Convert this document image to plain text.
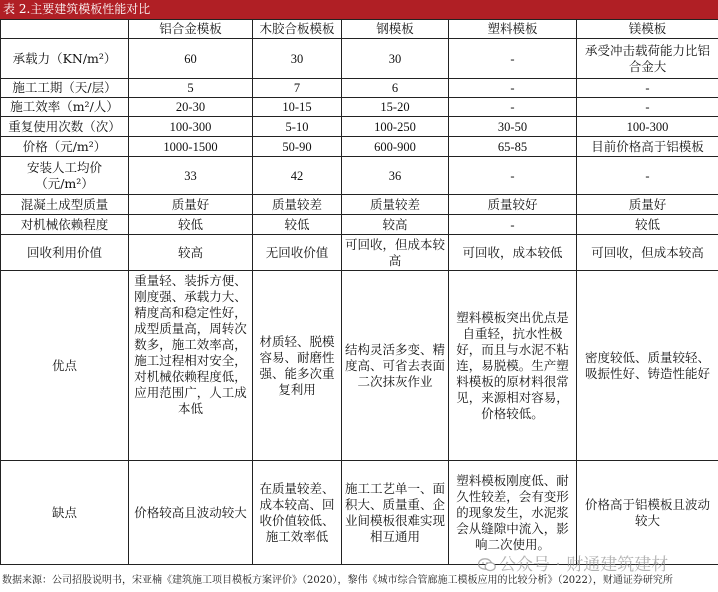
表 2.主要建筑模板性能对比
	铝合金模板	木胶合板模板	钢模板	塑料模板	镁模板
承载力（KN/m²）	60	30	30	-	承受冲击载荷能力比铝合金大
施工工期（天/层）	5	7	6	-	-
施工效率（m²/人）	20-30	10-15	15-20	-	-
重复使用次数（次）	100-300	5-10	100-250	30-50	100-300
价格（元/m²）	1000-1500	50-90	600-900	65-85	目前价格高于铝模板
安装人工均价（元/m²）	33	42	36	-	-
混凝土成型质量	质量好	质量较差	质量较差	质量较好	质量好
对机械依赖程度	较低	较低	较高	-	较低
回收利用价值	较高	无回收价值	可回收，但成本较高	可回收，成本较低	可回收，但成本较高
优点	重量轻、装拆方便、刚度强、承载力大、精度高和稳定性好，成型质量高，周转次数多，施工效率高，施工过程相对安全，对机械依赖程度低，应用范围广，人工成本低	材质轻、脱模容易、耐磨性强、能多次重复利用	结构灵活多变、精度高、可省去表面二次抹灰作业	塑料模板突出优点是自重轻，抗水性极好，而且与水泥不粘连，易脱模。生产塑料模板的原材料很常见，来源相对容易，价格较低。	密度较低、质量较轻、吸振性好、铸造性能好
缺点	价格较高且波动较大	在质量较差、成本较高、回收价值较低、施工效率低	施工工艺单一、面积大、质量重、企业间模板很难实现相互通用	塑料模板刚度低、耐久性较差，会有变形的现象发生，水泥浆会从缝隙中流入，影响二次使用。	价格高于铝模板且波动较大
公众号 · 财通建筑建材
数据来源：公司招股说明书，宋亚楠《建筑施工项目模板方案评价》（2020），黎伟《城市综合管廊施工模板应用的比较分析》（2022），财通证券研究所
